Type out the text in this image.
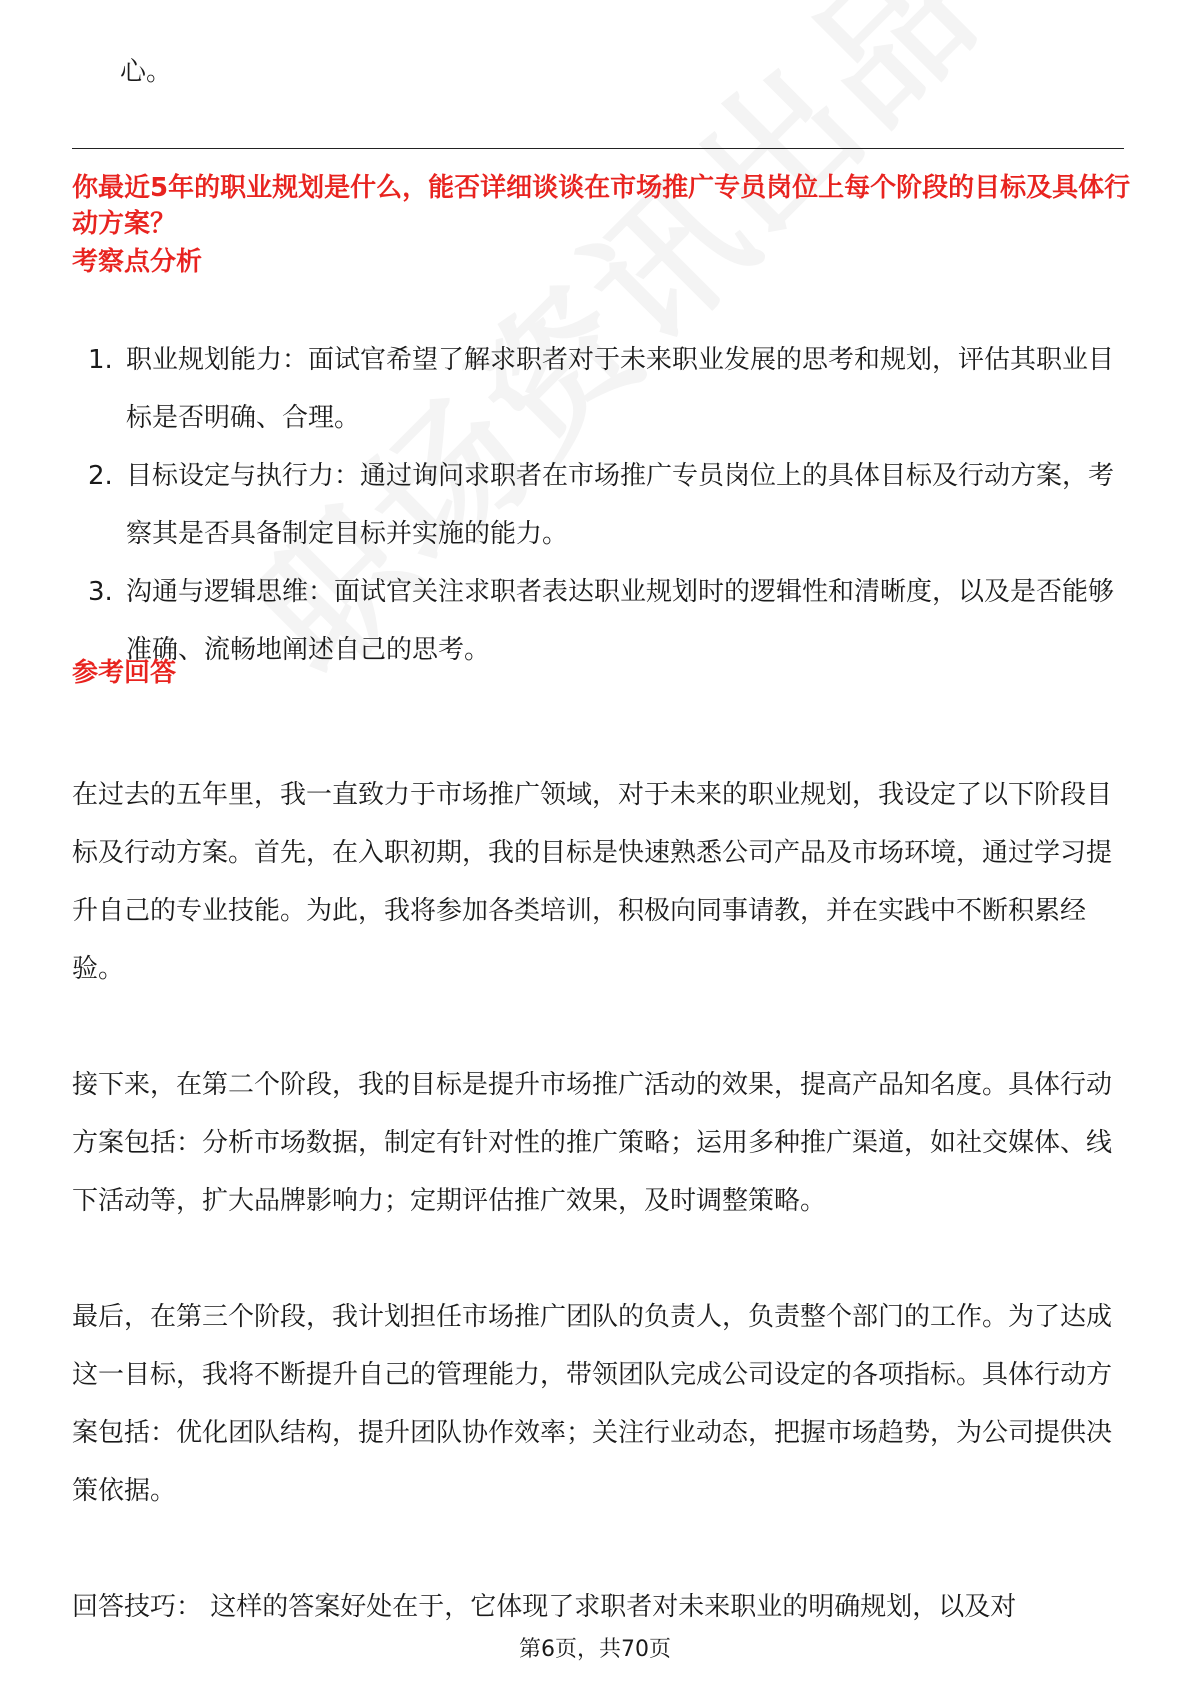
心。
你最近5年的职业规划是什么，能否详细谈谈在市场推广专员岗位上每个阶段的目标及具体行动方案？
考察点分析
1. 职业规划能力：面试官希望了解求职者对于未来职业发展的思考和规划，评估其职业目标是否明确、合理。
2. 目标设定与执行力：通过询问求职者在市场推广专员岗位上的具体目标及行动方案，考察其是否具备制定目标并实施的能力。
3. 沟通与逻辑思维：面试官关注求职者表达职业规划时的逻辑性和清晰度，以及是否能够准确、流畅地阐述自己的思考。
参考回答

在过去的五年里，我一直致力于市场推广领域，对于未来的职业规划，我设定了以下阶段目标及行动方案。首先，在入职初期，我的目标是快速熟悉公司产品及市场环境，通过学习提升自己的专业技能。为此，我将参加各类培训，积极向同事请教，并在实践中不断积累经验。

接下来，在第二个阶段，我的目标是提升市场推广活动的效果，提高产品知名度。具体行动方案包括：分析市场数据，制定有针对性的推广策略；运用多种推广渠道，如社交媒体、线下活动等，扩大品牌影响力；定期评估推广效果，及时调整策略。

最后，在第三个阶段，我计划担任市场推广团队的负责人，负责整个部门的工作。为了达成这一目标，我将不断提升自己的管理能力，带领团队完成公司设定的各项指标。具体行动方案包括：优化团队结构，提升团队协作效率；关注行业动态，把握市场趋势，为公司提供决策依据。

回答技巧： 这样的答案好处在于，它体现了求职者对未来职业的明确规划，以及对

第6页，共70页
